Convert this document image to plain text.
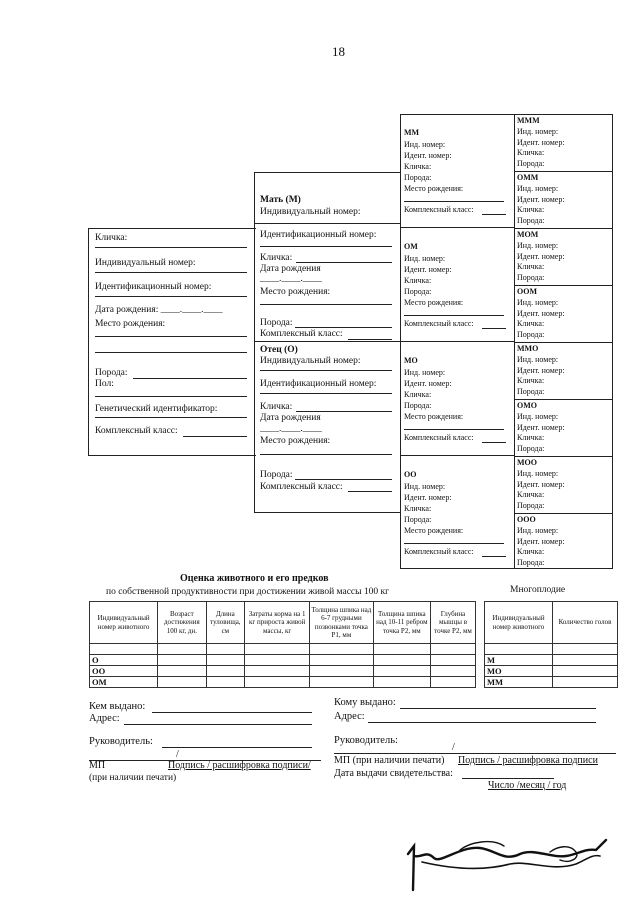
18
Кличка:
Индивидуальный номер:
Идентификационный номер:
Дата рождения: ____.____.____
Место рождения:
Порода:
Пол:
Генетический идентификатор:
Комплексный класс:
Мать (М)
Индивидуальный номер:
Идентификационный номер:
Кличка:
Дата рождения
____.____.____
Место рождения:
Порода:
Комплексный класс:
Отец (О)
Индивидуальный номер:
Идентификационный номер:
Кличка:
Дата рождения
____.____.____
Место рождения:
Порода:
Комплексный класс:
ММ
Инд. номер:
Идент. номер:
Кличка:
Порода:
Место рождения:
Комплексный класс:
ОМ
Инд. номер:
Идент. номер:
Кличка:
Порода:
Место рождения:
Комплексный класс:
МО
Инд. номер:
Идент. номер:
Кличка:
Порода:
Место рождения:
Комплексный класс:
ОО
Инд. номер:
Идент. номер:
Кличка:
Порода:
Место рождения:
Комплексный класс:
МММ
Инд. номер:
Идент. номер:
Кличка:
Порода:
ОММ
Инд. номер:
Идент. номер:
Кличка:
Порода:
МОМ
Инд. номер:
Идент. номер:
Кличка:
Порода:
ООМ
Инд. номер:
Идент. номер:
Кличка:
Порода:
ММО
Инд. номер:
Идент. номер:
Кличка:
Порода:
ОМО
Инд. номер:
Идент. номер:
Кличка:
Порода:
МОО
Инд. номер:
Идент. номер:
Кличка:
Порода:
ООО
Инд. номер:
Идент. номер:
Кличка:
Порода:
Оценка животного и его предков
по собственной продуктивности при достижении живой массы 100 кг	Многоплодие
Индивидуальный номер животного	Возраст достижения 100 кг, дн.	Длина туловища, см	Затраты корма на 1 кг прироста живой массы, кг	Толщина шпика над 6-7 грудными позвонками точка Р1, мм	Толщина шпика над 10-11 ребром точка Р2, мм	Глубина мышцы в точке Р2, мм

О						
ОО						
ОМ						
Индивидуальный номер животного	Количество голов

М	
МО	
ММ	
Кем выдано:
Адрес:
Руководитель:
/
МП	Подпись / расшифровка подписи/
(при наличии печати)
Кому выдано:
Адрес:
Руководитель:
/
МП (при наличии печати) Подпись / расшифровка подписи
Дата выдачи свидетельства:
Число /месяц / год
